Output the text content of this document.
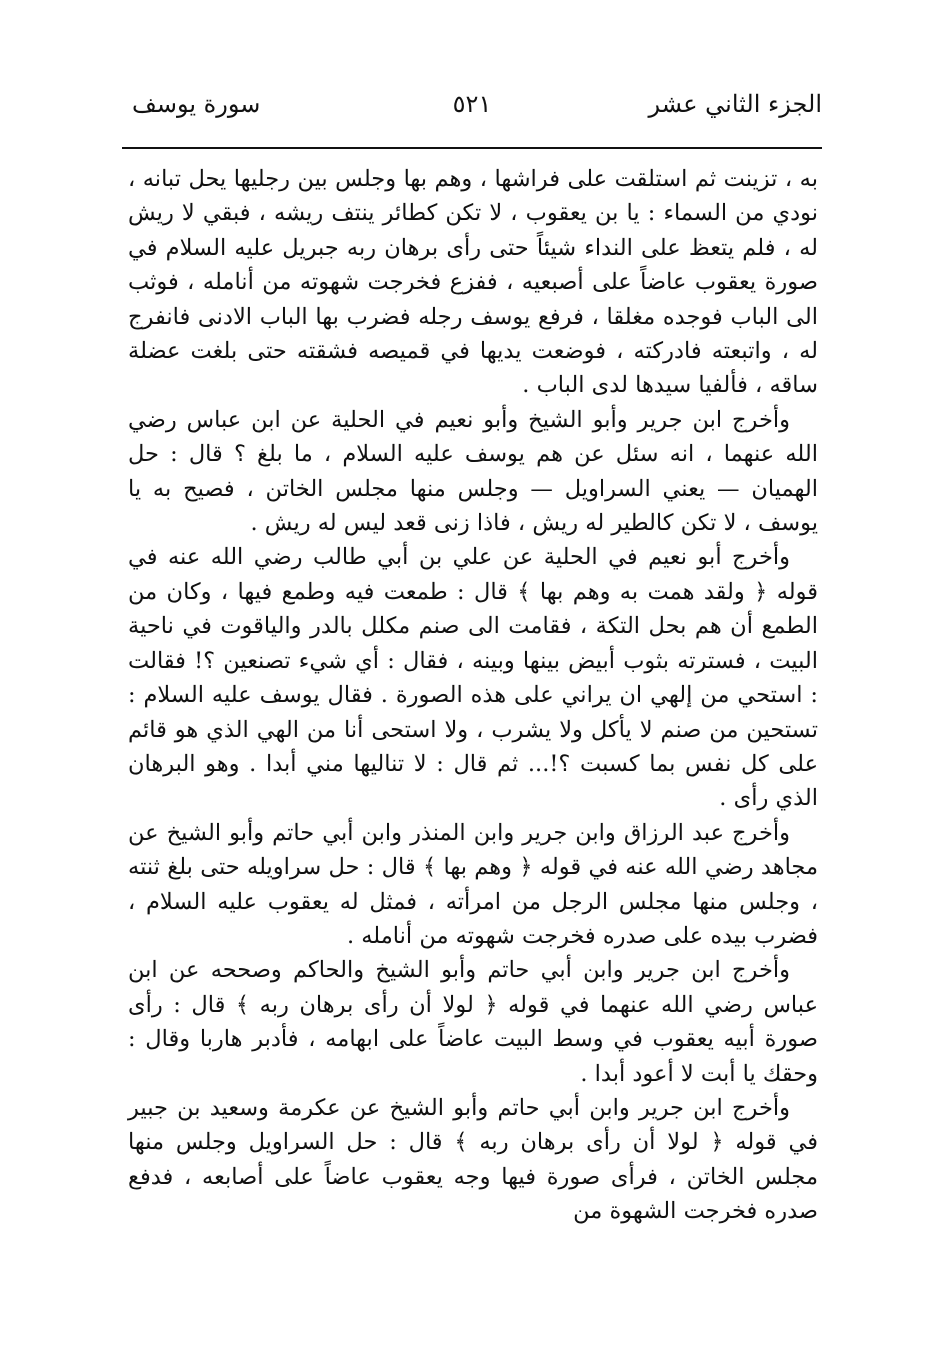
الجزء الثاني عشر
٥٢١
سورة يوسف

به ، تزينت ثم استلقت على فراشها ، وهم بها وجلس بين رجليها يحل تبانه ، نودي من السماء : يا بن يعقوب ، لا تكن كطائر ينتف ريشه ، فبقي لا ريش له ، فلم يتعظ على النداء شيئاً حتى رأى برهان ربه جبريل عليه السلام في صورة يعقوب عاضاً على أصبعيه ، ففزع فخرجت شهوته من أنامله ، فوثب الى الباب فوجده مغلقا ، فرفع يوسف رجله فضرب بها الباب الادنى فانفرج له ، واتبعته فادركته ، فوضعت يديها في قميصه فشقته حتى بلغت عضلة ساقه ، فألفيا سيدها لدى الباب .

وأخرج ابن جرير وأبو الشيخ وأبو نعيم في الحلية عن ابن عباس رضي الله عنهما ، انه سئل عن هم يوسف عليه السلام ، ما بلغ ؟ قال : حل الهميان — يعني السراويل — وجلس منها مجلس الخاتن ، فصيح به يا يوسف ، لا تكن كالطير له ريش ، فاذا زنى قعد ليس له ريش .

وأخرج أبو نعيم في الحلية عن علي بن أبي طالب رضي الله عنه في قوله ﴿ ولقد همت به وهم بها ﴾ قال : طمعت فيه وطمع فيها ، وكان من الطمع أن هم بحل التكة ، فقامت الى صنم مكلل بالدر والياقوت في ناحية البيت ، فسترته بثوب أبيض بينها وبينه ، فقال : أي شيء تصنعين ؟! فقالت : استحي من إلهي ان يراني على هذه الصورة . فقال يوسف عليه السلام : تستحين من صنم لا يأكل ولا يشرب ، ولا استحى أنا من الهي الذي هو قائم على كل نفس بما كسبت ؟!... ثم قال : لا تناليها مني أبدا . وهو البرهان الذي رأى .

وأخرج عبد الرزاق وابن جرير وابن المنذر وابن أبي حاتم وأبو الشيخ عن مجاهد رضي الله عنه في قوله ﴿ وهم بها ﴾ قال : حل سراويله حتى بلغ ثنته ، وجلس منها مجلس الرجل من امرأته ، فمثل له يعقوب عليه السلام ، فضرب بيده على صدره فخرجت شهوته من أنامله .

وأخرج ابن جرير وابن أبي حاتم وأبو الشيخ والحاكم وصححه عن ابن عباس رضي الله عنهما في قوله ﴿ لولا أن رأى برهان ربه ﴾ قال : رأى صورة أبيه يعقوب في وسط البيت عاضاً على ابهامه ، فأدبر هاربا وقال : وحقك يا أبت لا أعود أبدا .

وأخرج ابن جرير وابن أبي حاتم وأبو الشيخ عن عكرمة وسعيد بن جبير في قوله ﴿ لولا أن رأى برهان ربه ﴾ قال : حل السراويل وجلس منها مجلس الخاتن ، فرأى صورة فيها وجه يعقوب عاضاً على أصابعه ، فدفع صدره فخرجت الشهوة من
